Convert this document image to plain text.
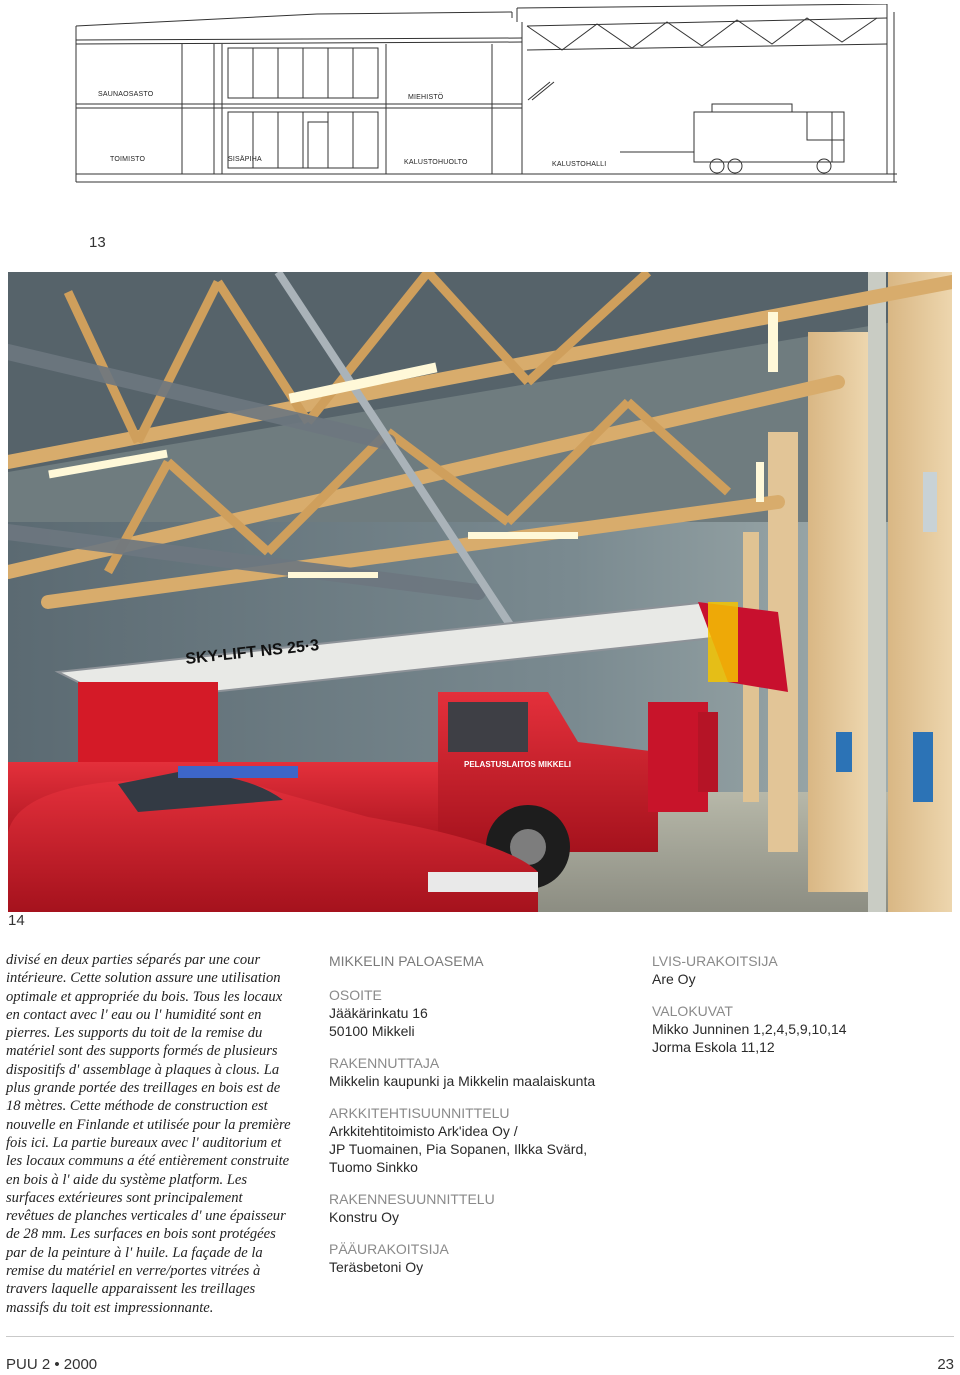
SAUNAOSASTO	MIEHISTÖ
TOIMISTO	SISÄPIHA	KALUSTOHUOLTO	KALUSTOHALLI
13
SKY-LIFT NS 25·3
PELASTUSLAITOS MIKKELI
14

divisé en deux parties séparés par une cour intérieure. Cette solution assure une utilisation optimale et appropriée du bois. Tous les locaux en contact avec l' eau ou l' humidité sont en pierres. Les supports du toit de la remise du matériel sont des supports formés de plusieurs dispositifs d' assemblage à plaques à clous. La plus grande portée des treillages en bois est de 18 mètres. Cette méthode de construction est nouvelle en Finlande et utilisée pour la première fois ici. La partie bureaux avec l' auditorium et les locaux communs a été entièrement construite en bois à l' aide du système platform. Les surfaces extérieures sont principalement revêtues de planches verticales d' une épaisseur de 28 mm. Les surfaces en bois sont protégées par de la peinture à l' huile. La façade de la remise du matériel en verre/portes vitrées à travers laquelle apparaissent les treillages massifs du toit est impressionnante.

MIKKELIN PALOASEMA
OSOITE
Jääkärinkatu 16
50100 Mikkeli
RAKENNUTTAJA
Mikkelin kaupunki ja Mikkelin maalaiskunta
ARKKITEHTISUUNNITTELU
Arkkitehtitoimisto Ark'idea Oy /
JP Tuomainen, Pia Sopanen, Ilkka Svärd,
Tuomo Sinkko
RAKENNESUUNNITTELU
Konstru Oy
PÄÄURAKOITSIJA
Teräsbetoni Oy
LVIS-URAKOITSIJA
Are Oy
VALOKUVAT
Mikko Junninen 1,2,4,5,9,10,14
Jorma Eskola 11,12
PUU 2 • 2000	23
